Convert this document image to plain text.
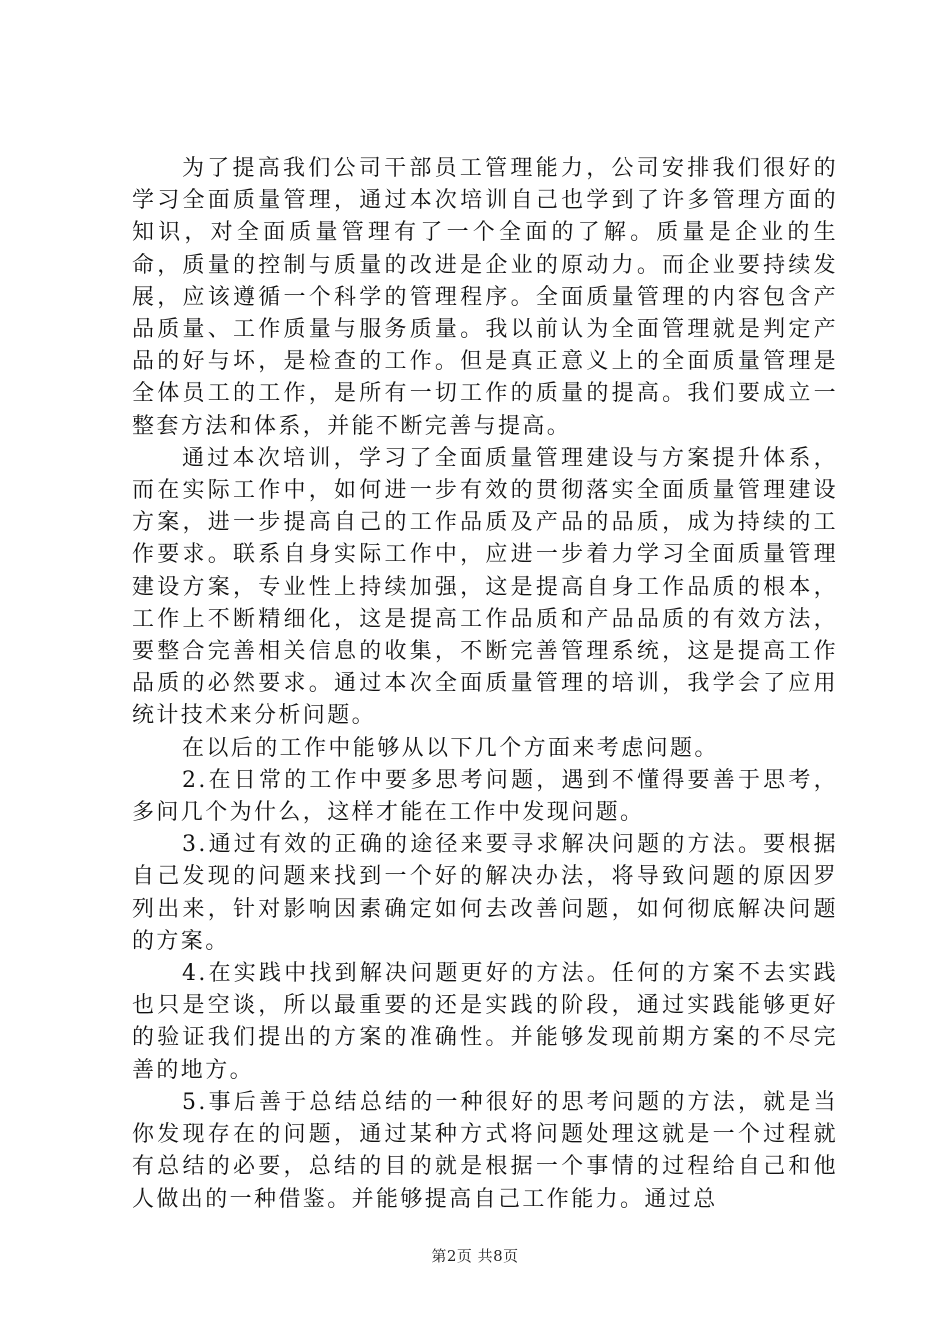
为了提高我们公司干部员工管理能力，公司安排我们很好的学习全面质量管理，通过本次培训自己也学到了许多管理方面的知识，对全面质量管理有了一个全面的了解。质量是企业的生命，质量的控制与质量的改进是企业的原动力。而企业要持续发展，应该遵循一个科学的管理程序。全面质量管理的内容包含产品质量、工作质量与服务质量。我以前认为全面管理就是判定产品的好与坏，是检查的工作。但是真正意义上的全面质量管理是全体员工的工作，是所有一切工作的质量的提高。我们要成立一整套方法和体系，并能不断完善与提高。

通过本次培训，学习了全面质量管理建设与方案提升体系，而在实际工作中，如何进一步有效的贯彻落实全面质量管理建设方案，进一步提高自己的工作品质及产品的品质，成为持续的工作要求。联系自身实际工作中，应进一步着力学习全面质量管理建设方案，专业性上持续加强，这是提高自身工作品质的根本，工作上不断精细化，这是提高工作品质和产品品质的有效方法，要整合完善相关信息的收集，不断完善管理系统，这是提高工作品质的必然要求。通过本次全面质量管理的培训，我学会了应用统计技术来分析问题。

在以后的工作中能够从以下几个方面来考虑问题。

2.在日常的工作中要多思考问题，遇到不懂得要善于思考，多问几个为什么，这样才能在工作中发现问题。

3.通过有效的正确的途径来要寻求解决问题的方法。要根据自己发现的问题来找到一个好的解决办法，将导致问题的原因罗列出来，针对影响因素确定如何去改善问题，如何彻底解决问题的方案。

4.在实践中找到解决问题更好的方法。任何的方案不去实践也只是空谈，所以最重要的还是实践的阶段，通过实践能够更好的验证我们提出的方案的准确性。并能够发现前期方案的不尽完善的地方。

5.事后善于总结总结的一种很好的思考问题的方法，就是当你发现存在的问题，通过某种方式将问题处理这就是一个过程就有总结的必要，总结的目的就是根据一个事情的过程给自己和他人做出的一种借鉴。并能够提高自己工作能力。通过总

第2页 共8页
